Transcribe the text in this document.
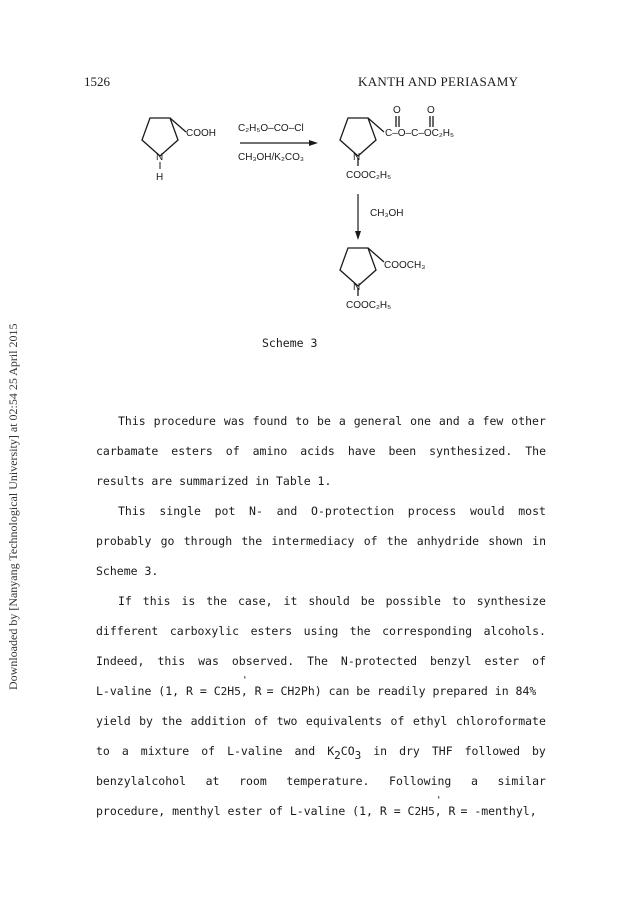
1526	KANTH AND PERIASAMY
Downloaded by [Nanyang Technological University] at 02:54 25 April 2015
COOH
N
H
C₂H₅O–CO–Cl
CH₃OH/K₂CO₃
O	O
C–O–C–OC₂H₅
N
COOC₂H₅
CH₃OH
COOCH₃
N
COOC₂H₅
Scheme 3
This procedure was found to be a general one and a few other
carbamate esters of amino acids have been synthesized. The
results are summarized in Table 1.
This single pot N- and O-protection process would most
probably go through the intermediacy of the anhydride shown in
Scheme 3.
If this is the case, it should be possible to synthesize
different carboxylic esters using the corresponding alcohols.
Indeed, this was observed. The N-protected benzyl ester of
L-valine (1, R = C 2 H 5 ' , R = CH 2 Ph) can be readily prepared in 84%
yield by the addition of two equivalents of ethyl chloroformate
to a mixture of L-valine and $K_2CO_3$ in dry THF followed by
benzylalcohol at room temperature. Following a similar
procedure, menthyl ester of L-valine (1, R = C 2 H 5 ' , R = -menthyl,
